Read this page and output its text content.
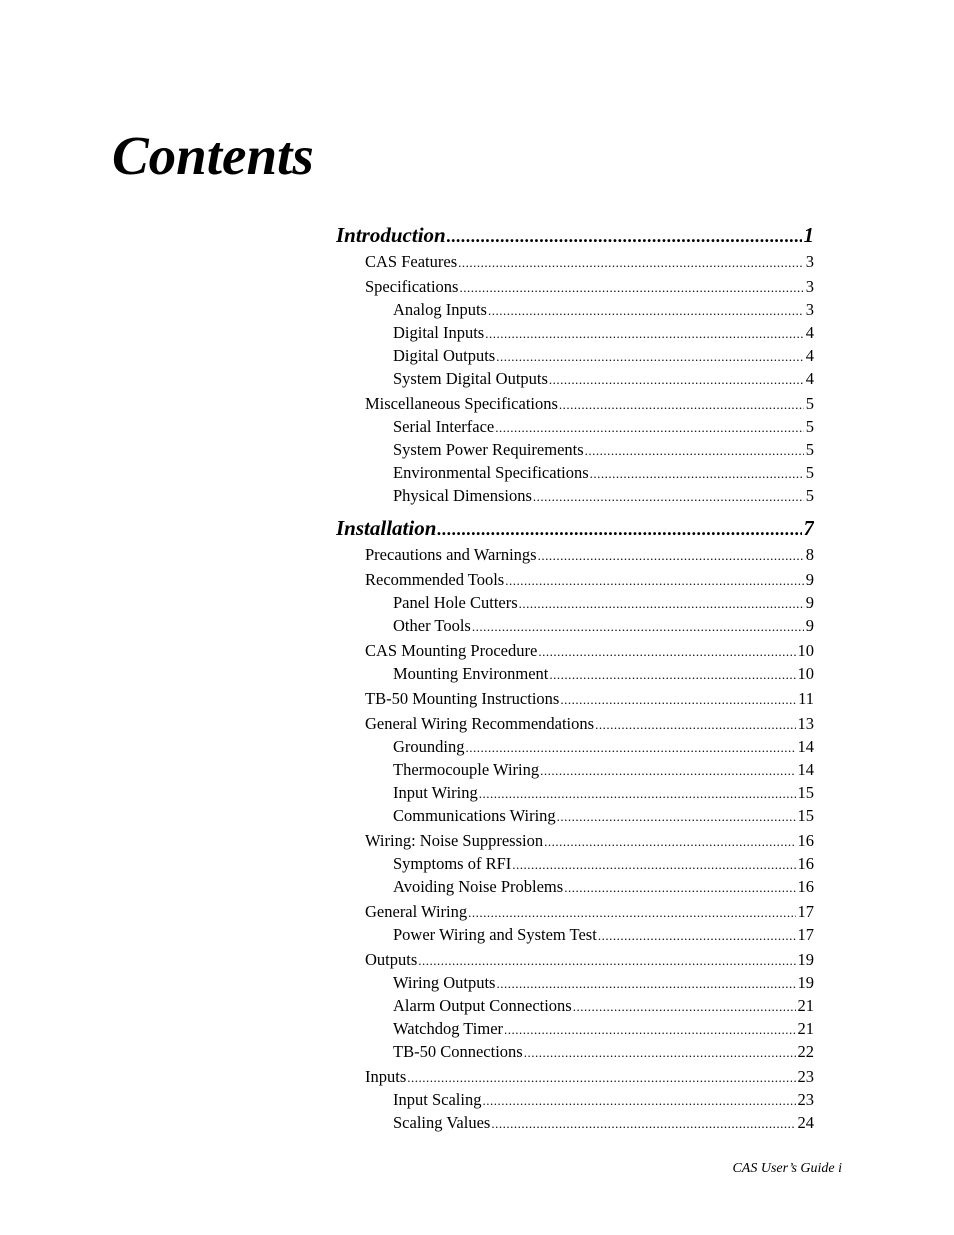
Contents
Introduction .....	1
CAS Features .....	3
Specifications .....	3
Analog Inputs .....	3
Digital Inputs .....	4
Digital Outputs .....	4
System Digital Outputs .....	4
Miscellaneous Specifications .....	5
Serial Interface .....	5
System Power Requirements .....	5
Environmental Specifications .....	5
Physical Dimensions .....	5
Installation .....	7
Precautions and Warnings .....	8
Recommended Tools .....	9
Panel Hole Cutters .....	9
Other Tools .....	9
CAS Mounting Procedure .....	10
Mounting Environment .....	10
TB-50 Mounting Instructions .....	11
General Wiring Recommendations .....	13
Grounding .....	14
Thermocouple Wiring .....	14
Input Wiring .....	15
Communications Wiring .....	15
Wiring: Noise Suppression .....	16
Symptoms of RFI .....	16
Avoiding Noise Problems .....	16
General Wiring .....	17
Power Wiring and System Test .....	17
Outputs .....	19
Wiring Outputs .....	19
Alarm Output Connections .....	21
Watchdog Timer .....	21
TB-50 Connections .....	22
Inputs .....	23
Input Scaling .....	23
Scaling Values .....	24
CAS User’s Guide i
